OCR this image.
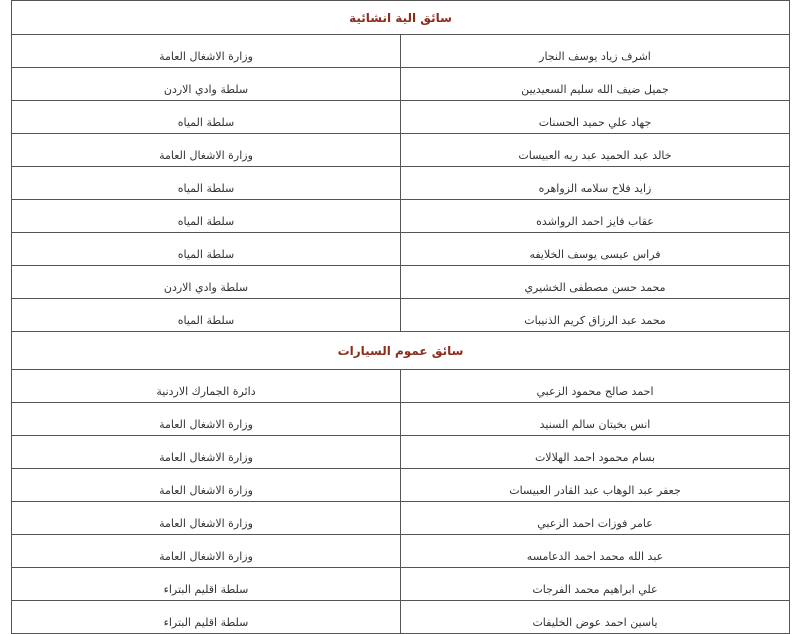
سائق الية انشائية	
اشرف زياد يوسف النجار	وزارة الاشغال العامة
جميل ضيف الله سليم السعيديين	سلطة وادي الاردن
جهاد علي حميد الحسنات	سلطة المياه
خالد عبد الحميد عبد ربه العبيسات	وزارة الاشغال العامة
زايد فلاح سلامه الزواهره	سلطة المياه
عقاب فايز احمد الرواشده	سلطة المياه
فراس عيسى يوسف الخلايفه	سلطة المياه
محمد حسن مصطفى الخشيري	سلطة وادي الاردن
محمد عبد الرزاق كريم الذنيبات	سلطة المياه
سائق عموم السيارات	
احمد صالح محمود الزعبي	دائرة الجمارك الاردنية
انس بخيتان سالم السنيد	وزارة الاشغال العامة
بسام محمود احمد الهلالات	وزارة الاشغال العامة
جعفر عبد الوهاب عبد القادر العبيسات	وزارة الاشغال العامة
عامر فوزات احمد الزعبي	وزارة الاشغال العامة
عبد الله محمد احمد الدعامسه	وزارة الاشغال العامة
علي ابراهيم محمد الفرجات	سلطة اقليم البتراء
ياسين احمد عوض الخليفات	سلطة اقليم البتراء
